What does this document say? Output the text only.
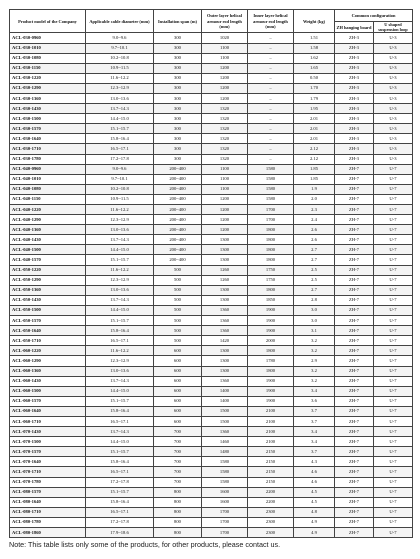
Product model of the Company	Applicable cable diameter (mm)	Installation span (m)	Outer layer helical armour rod length (mm)	Inner layer helical armour rod length (mm)	Weight (kg)	Common configuration	
						ZH hanging board	U shaped suspension loop
ACL-030-0960	9.0~9.6	300	1020	–	1.51	ZH-3	U-3
ACL-030-1010	9.7~10.1	300	1100	–	1.58	ZH-3	U-3
ACL-030-1080	10.2~10.8	300	1100	–	1.62	ZH-3	U-3
ACL-030-1150	10.9~11.5	300	1200	–	1.65	ZH-3	U-3
ACL-030-1220	11.6~12.2	300	1200	–	0.50	ZH-3	U-3
ACL-030-1290	12.3~12.9	300	1200	–	1.70	ZH-3	U-3
ACL-030-1360	13.0~13.6	300	1200	–	1.79	ZH-3	U-3
ACL-030-1430	13.7~14.3	300	1320	–	1.95	ZH-3	U-3
ACL-030-1500	14.4~15.0	300	1320	–	2.01	ZH-3	U-3
ACL-030-1570	15.1~15.7	300	1320	–	2.01	ZH-3	U-3
ACL-030-1640	15.8~16.4	300	1320	–	2.01	ZH-3	U-3
ACL-030-1710	16.5~17.1	300	1320	–	2.12	ZH-3	U-3
ACL-030-1780	17.2~17.8	300	1320	–	2.12	ZH-3	U-3
ACL-040-0960	9.0~9.6	200~400	1100	1580	1.85	ZH-7	U-7
ACL-040-1010	9.7~10.1	200~400	1100	1580	1.85	ZH-7	U-7
ACL-040-1080	10.2~10.8	200~400	1100	1580	1.9	ZH-7	U-7
ACL-040-1150	10.9~11.5	200~400	1200	1580	2.0	ZH-7	U-7
ACL-040-1220	11.6~12.2	200~400	1200	1700	2.3	ZH-7	U-7
ACL-040-1290	12.3~12.9	200~400	1200	1700	2.4	ZH-7	U-7
ACL-040-1360	13.0~13.6	200~400	1200	1800	2.6	ZH-7	U-7
ACL-040-1430	13.7~14.3	200~400	1300	1800	2.6	ZH-7	U-7
ACL-040-1500	14.4~15.0	200~400	1300	1800	2.7	ZH-7	U-7
ACL-040-1570	15.1~15.7	200~400	1300	1800	2.7	ZH-7	U-7
ACL-050-1220	11.6~12.2	500	1260	1750	2.5	ZH-7	U-7
ACL-050-1290	12.3~12.9	500	1260	1750	2.5	ZH-7	U-7
ACL-050-1360	13.0~13.6	500	1300	1800	2.7	ZH-7	U-7
ACL-050-1430	13.7~14.3	500	1300	1850	2.8	ZH-7	U-7
ACL-050-1500	14.4~15.0	500	1360	1900	3.0	ZH-7	U-7
ACL-050-1570	15.1~15.7	500	1360	1900	3.0	ZH-7	U-7
ACL-050-1640	15.8~16.4	500	1360	1900	3.1	ZH-7	U-7
ACL-050-1710	16.5~17.1	500	1420	2000	3.2	ZH-7	U-7
ACL-060-1220	11.6~12.2	600	1300	1800	3.2	ZH-7	U-7
ACL-060-1290	12.3~12.9	600	1300	1780	2.9	ZH-7	U-7
ACL-060-1360	13.0~13.6	600	1300	1800	3.2	ZH-7	U-7
ACL-060-1430	13.7~14.3	600	1360	1900	3.2	ZH-7	U-7
ACL-060-1500	14.4~15.0	600	1400	1900	3.4	ZH-7	U-7
ACL-060-1570	15.1~15.7	600	1400	1900	3.6	ZH-7	U-7
ACL-060-1640	15.8~16.4	600	1500	2100	3.7	ZH-7	U-7
ACL-060-1710	16.5~17.1	600	1500	2100	3.7	ZH-7	U-7
ACL-070-1430	13.7~14.3	700	1360	2100	3.4	ZH-7	U-7
ACL-070-1500	14.4~15.0	700	1460	2100	3.4	ZH-7	U-7
ACL-070-1570	15.1~15.7	700	1480	2150	3.7	ZH-7	U-7
ACL-070-1640	15.8~16.4	700	1580	2150	4.3	ZH-7	U-7
ACL-070-1710	16.5~17.1	700	1580	2150	4.6	ZH-7	U-7
ACL-070-1780	17.2~17.8	700	1580	2150	4.6	ZH-7	U-7
ACL-080-1570	15.1~15.7	800	1600	2200	4.5	ZH-7	U-7
ACL-080-1640	15.8~16.4	800	1600	2200	4.5	ZH-7	U-7
ACL-080-1710	16.5~17.1	800	1700	2300	4.8	ZH-7	U-7
ACL-080-1780	17.2~17.8	800	1700	2300	4.9	ZH-7	U-7
ACL-080-1860	17.9~18.6	800	1700	2300	4.9	ZH-7	U-7
Note: This table lists only some of the products, for other products, please contact us.
